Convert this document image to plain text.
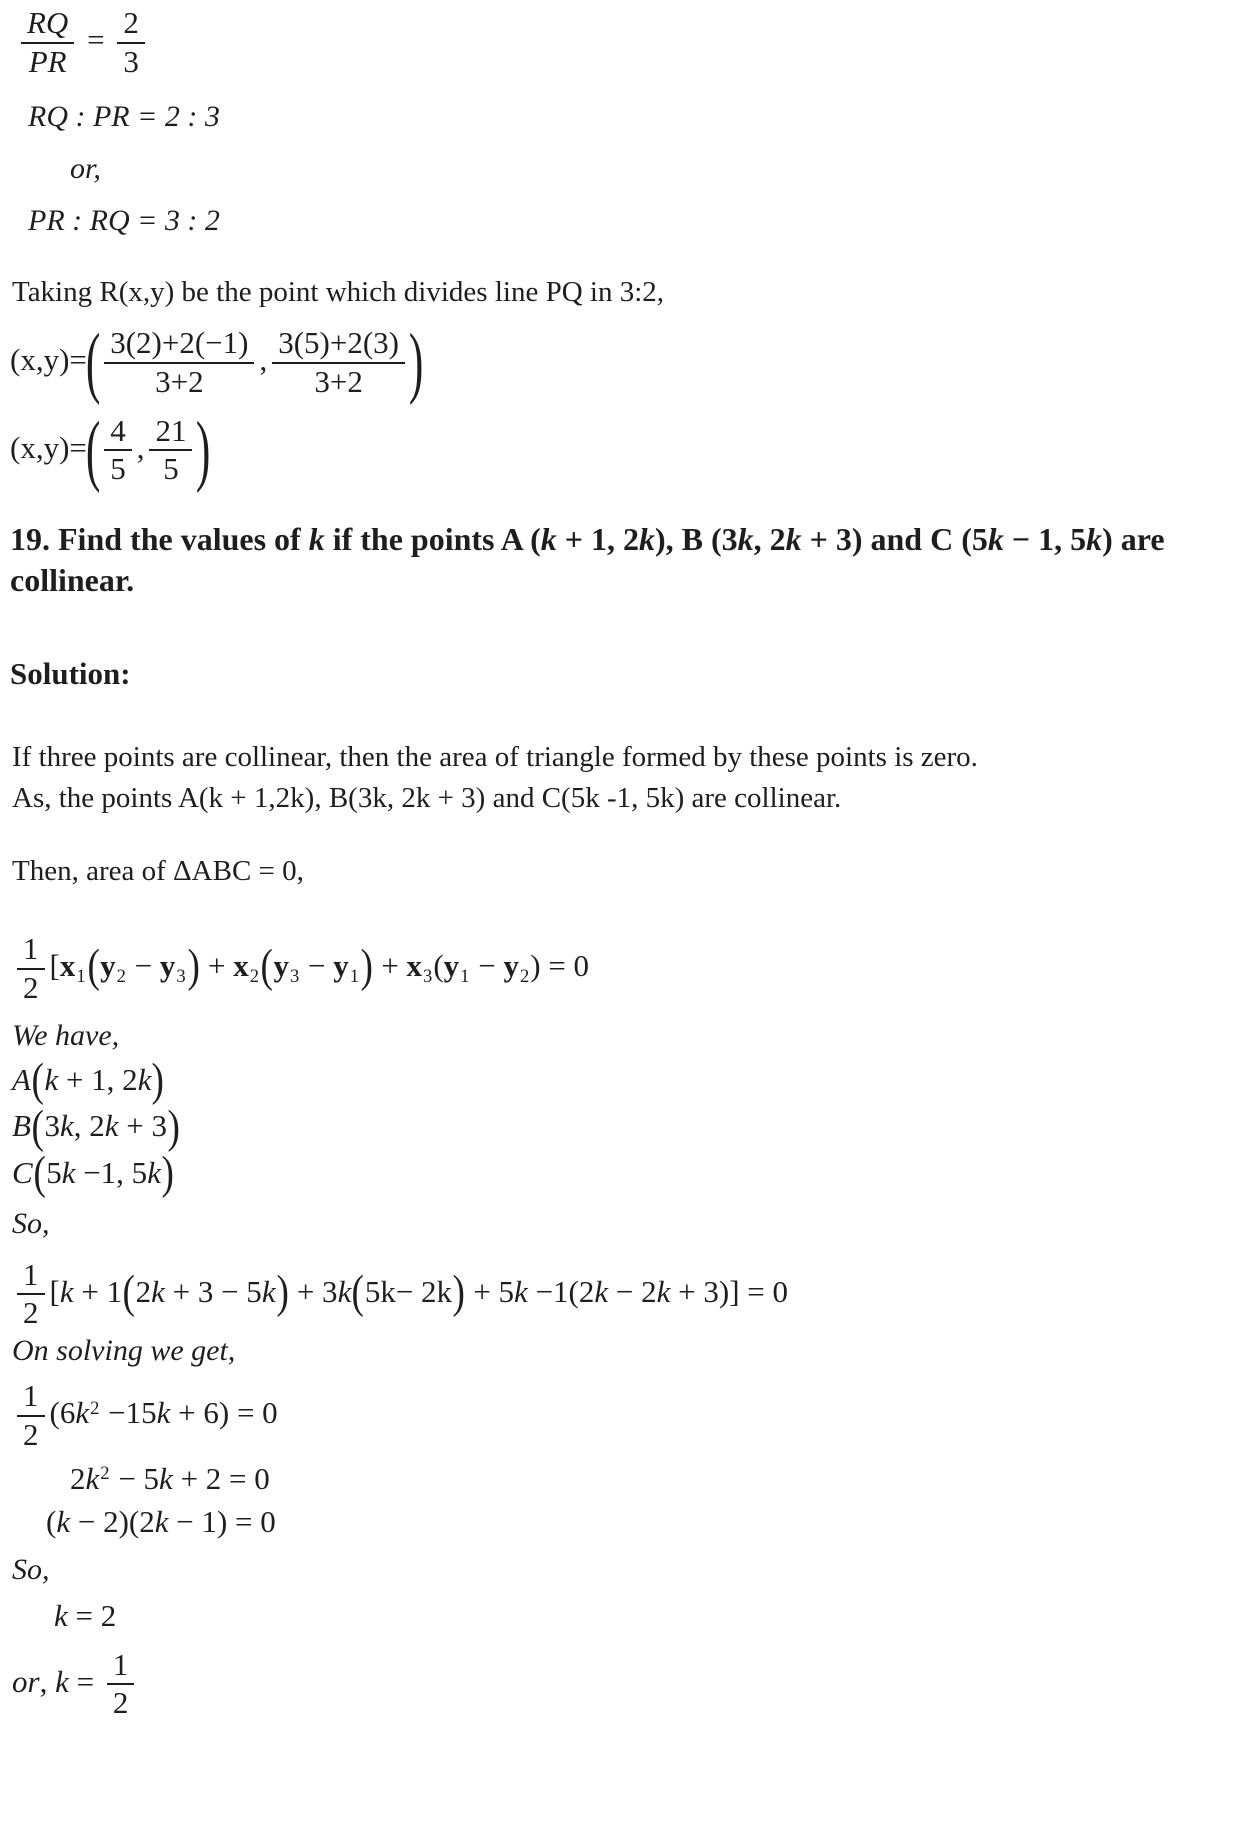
$\frac{RQ}{PR} = \frac{2}{3}$
RQ : PR = 2 : 3
or,
PR : RQ = 3 : 2
Taking R(x,y) be the point which divides line PQ in 3:2,
$(x,y)=( \frac{3(2)+2(-1)}{3+2}$ , $\frac{3(5)+2(3)}{3+2}$ )
$(x,y)=( \frac{4}{5}$ , $\frac{21}{5}$ )
19. Find the values of k if the points A (k + 1, 2k), B (3k, 2k + 3) and C (5k − 1, 5k) are collinear.
Solution:
If three points are collinear, then the area of triangle formed by these points is zero.
As, the points A(k + 1,2k), B(3k, 2k + 3) and C(5k -1, 5k) are collinear.
Then, area of ΔABC = 0,
$\frac{1}{2} [x1(y2 - y3) + x2(y3 - y1) + x3(y1 - y2) = 0$
We have,
A(k + 1, 2k)
B(3k, 2k + 3)
C(5k −1, 5k)
So,
$\frac{1}{2} [k + 1(2k + 3 - 5k) + 3k(5k- 2k) + 5k -1(2k - 2k + 3)] = 0$
On solving we get,
$\frac{1}{2} (6k^2 -15k + 6) = 0$
$2k^2 - 5k + 2 = 0$
(k − 2)(2k − 1) = 0
So,
k = 2
or, $k = \frac{1}{2}$
